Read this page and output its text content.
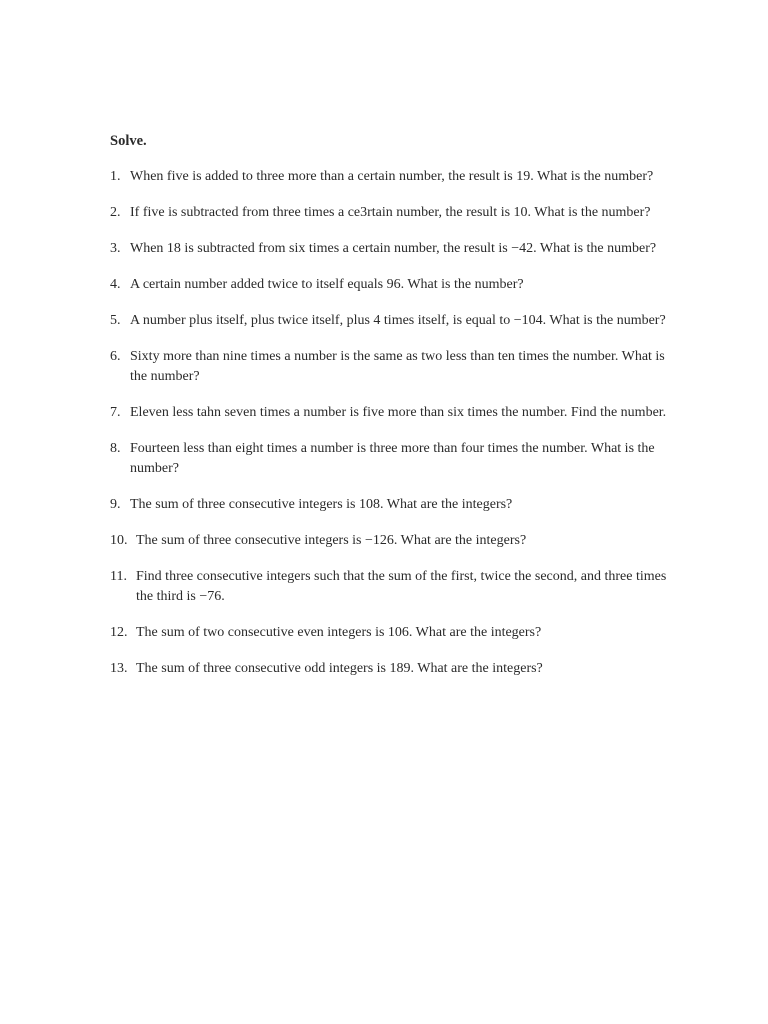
Solve.
1. When five is added to three more than a certain number, the result is 19. What is the number?
2. If five is subtracted from three times a ce3rtain number, the result is 10. What is the number?
3. When 18 is subtracted from six times a certain number, the result is −42. What is the number?
4. A certain number added twice to itself equals 96. What is the number?
5. A number plus itself, plus twice itself, plus 4 times itself, is equal to −104. What is the number?
6. Sixty more than nine times a number is the same as two less than ten times the number. What is the number?
7. Eleven less tahn seven times a number is five more than six times the number. Find the number.
8. Fourteen less than eight times a number is three more than four times the number. What is the number?
9. The sum of three consecutive integers is 108. What are the integers?
10. The sum of three consecutive integers is −126. What are the integers?
11. Find three consecutive integers such that the sum of the first, twice the second, and three times the third is −76.
12. The sum of two consecutive even integers is 106. What are the integers?
13. The sum of three consecutive odd integers is 189. What are the integers?
